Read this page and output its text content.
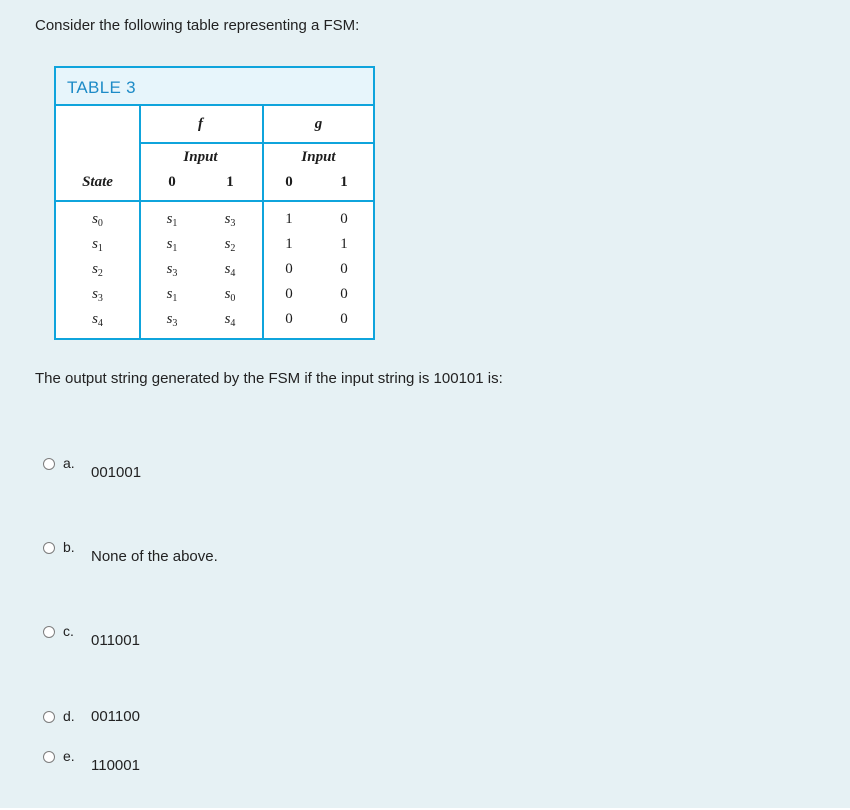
Consider the following table representing a FSM:
TABLE 3
f	g
Input	Input
State	0	1	0	1
$s_0$	$s_1$	$s_3$	1	0
$s_1$	$s_1$	$s_2$	1	1
$s_2$	$s_3$	$s_4$	0	0
$s_3$	$s_1$	$s_0$	0	0
$s_4$	$s_3$	$s_4$	0	0
The output string generated by the FSM if the input string is 100101 is:
a.
001001
b.
None of the above.
c.
011001
d. 001100
e.
110001
